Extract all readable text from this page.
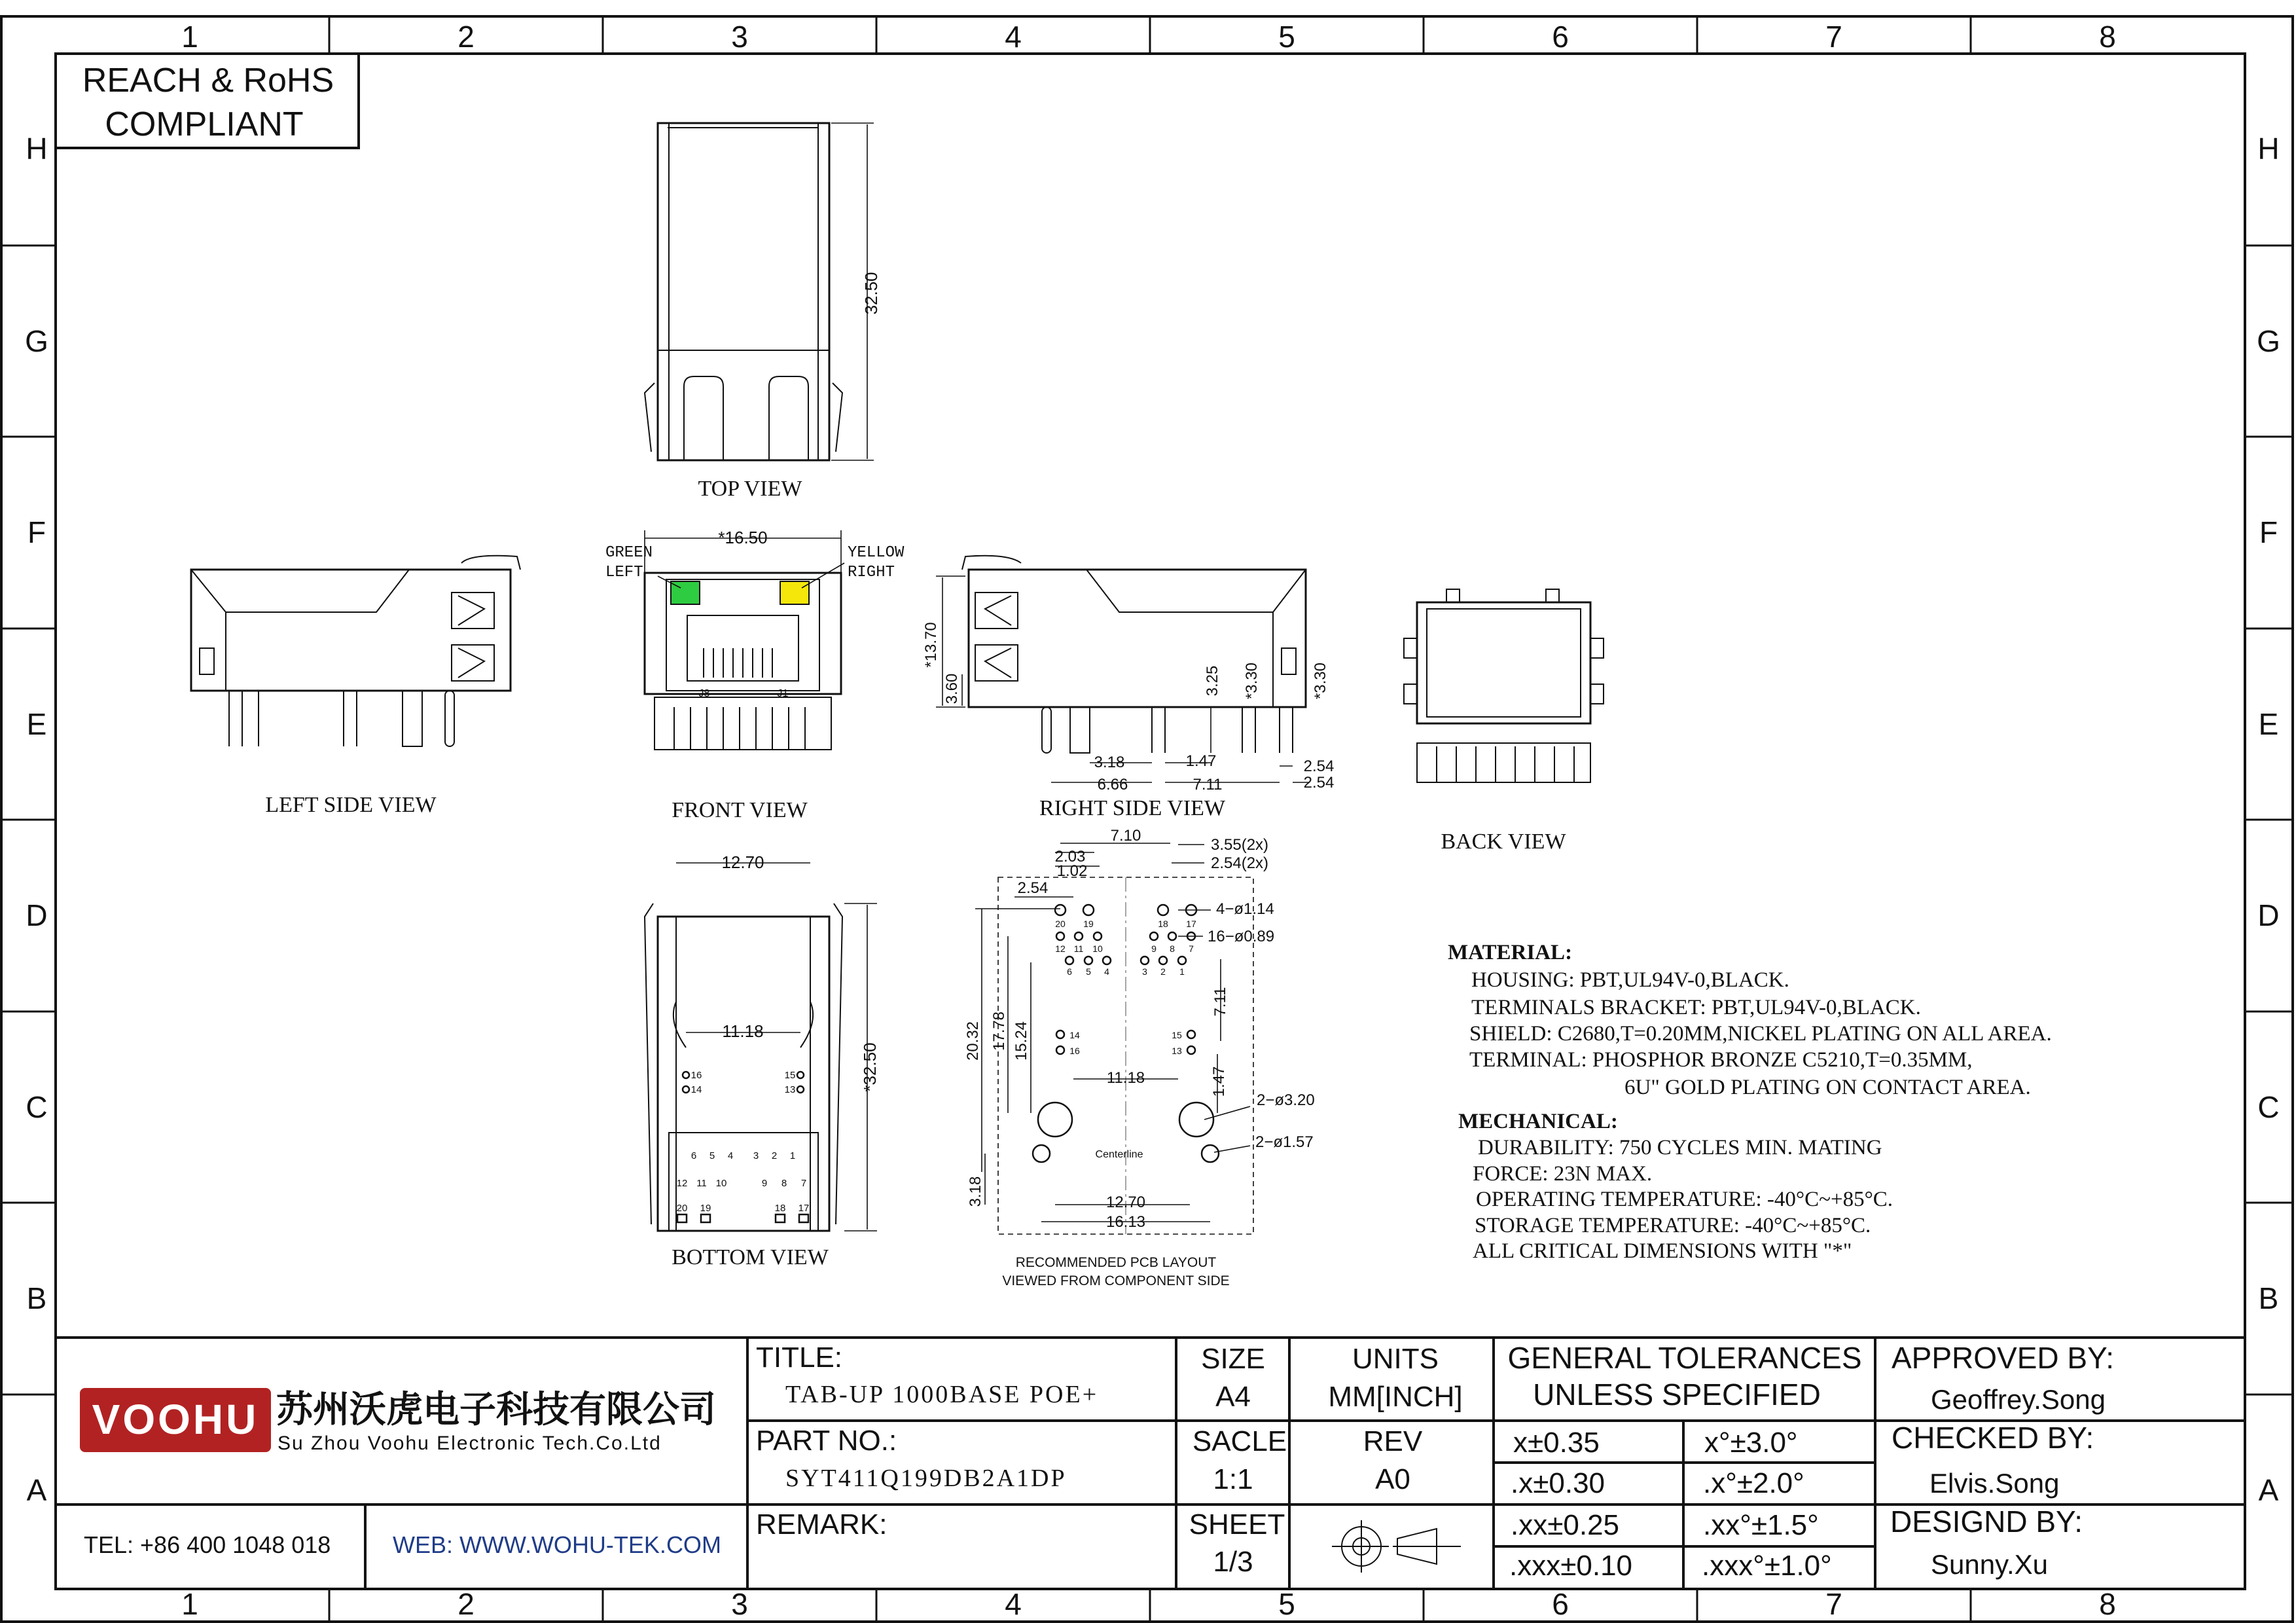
1	2	3	4	5	6	7	8
1	2	3	4	5	6	7	8
H
G
F
E
D
C
B
A
H
G
F
E
D
C
B
A
REACH & RoHS
COMPLIANT
32.50
TOP VIEW
LEFT SIDE VIEW
J8	J1
*16.50
GREEN
LEFT
YELLOW
RIGHT
FRONT VIEW
*13.70
3.60	3.25 *3.30	*3.30
3.18
6.66
1.47
7.11
2.54
2.54
RIGHT SIDE VIEW
BACK VIEW
12.70
11.18
*32.50
BOTTOM VIEW
6 5 4 3 2 1
12 11 10	9 8 7
20 19	18 17
16
14
15
13
Centerline
20 19	18 17
12 11 10	9 8 7
6 5 4	3 2 1
14
16
15
13
7.10
2.03
1.02
2.54
3.55(2x)
2.54(2x)
4−ø1.14
16−ø0.89
20.32 17.78 15.24
7.11
1.47
11.18
2−ø3.20
2−ø1.57
3.18	12.70
16.13
RECOMMENDED PCB LAYOUT
VIEWED FROM COMPONENT SIDE
MATERIAL:
HOUSING: PBT,UL94V-0,BLACK.
TERMINALS BRACKET: PBT,UL94V-0,BLACK.
SHIELD: C2680,T=0.20MM,NICKEL PLATING ON ALL AREA.
TERMINAL: PHOSPHOR BRONZE C5210,T=0.35MM,
6U" GOLD PLATING ON CONTACT AREA.
MECHANICAL:
DURABILITY: 750 CYCLES MIN. MATING
FORCE: 23N MAX.
OPERATING TEMPERATURE: -40°C~+85°C.
STORAGE TEMPERATURE: -40°C~+85°C.
ALL CRITICAL DIMENSIONS WITH "*"
VOOHU 苏州沃虎电子科技有限公司
Su Zhou Voohu Electronic Tech.Co.Ltd
TEL: +86 400 1048 018	WEB: WWW.WOHU-TEK.COM
TITLE:
TAB-UP 1000BASE POE+
PART NO.:
SYT411Q199DB2A1DP
REMARK:
SIZE
A4
SACLE
1:1
SHEET
1/3
UNITS
MM[INCH]
REV
A0
GENERAL TOLERANCES
UNLESS SPECIFIED
x±0.35	x°±3.0°
.x±0.30	.x°±2.0°
.xx±0.25	.xx°±1.5°
.xxx±0.10 .xxx°±1.0°
APPROVED BY:
Geoffrey.Song
CHECKED BY:
Elvis.Song
DESIGND BY:
Sunny.Xu
